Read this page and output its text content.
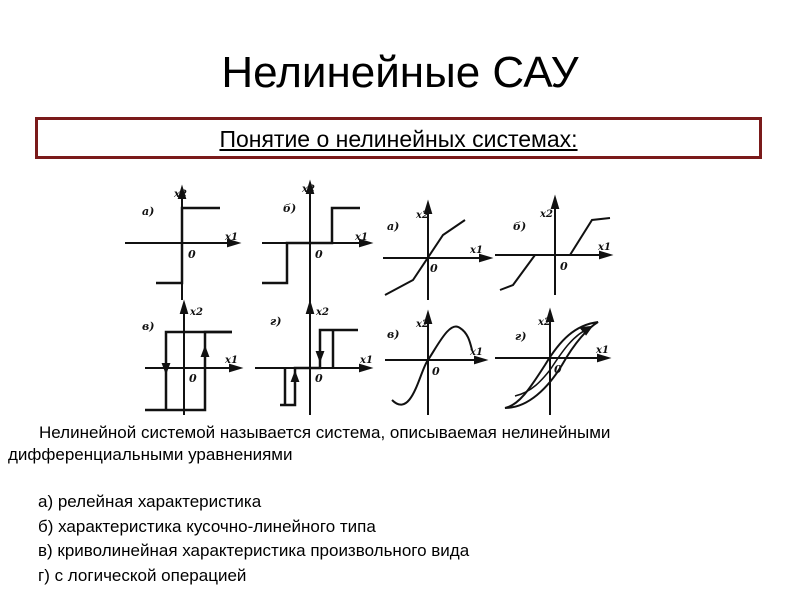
Нелинейные САУ
Понятие о нелинейных системах:
а)
x2
x1
0
б)
x2
x1
0
а)
x2
x1
0
б)
x2
x1
0
в)
x2
x1
0
г)
x2
x1
0
в)
x2
x1
0
г)
x2
x1
0
Нелинейной системой называется система, описываемая нелинейными дифференциальными уравнениями
а) релейная характеристика
б) характеристика кусочно-линейного типа
в) криволинейная характеристика произвольного вида
г) с логической операцией
